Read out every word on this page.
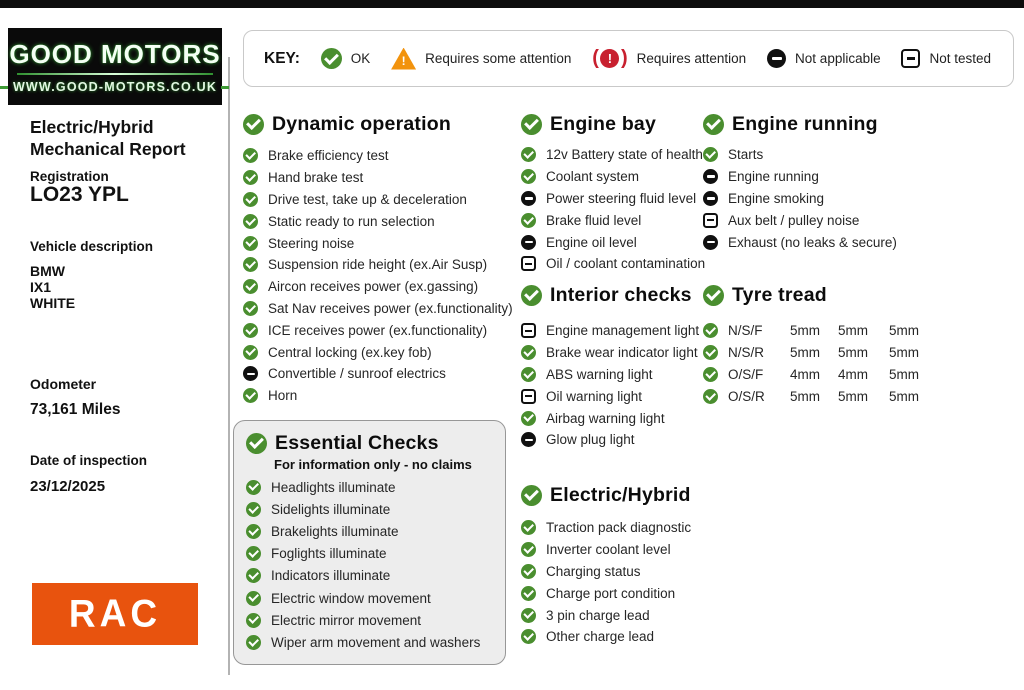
GOOD MOTORS
WWW.GOOD-MOTORS.CO.UK
Electric/Hybrid
Mechanical Report
Registration
LO23 YPL
Vehicle description
BMW
IX1
WHITE
Odometer
73,161 Miles
Date of inspection
23/12/2025
RAC
KEY:	OK !	Requires some attention (
!
)	Requires attention	Not applicable	Not tested
Dynamic operation
Brake efficiency test
Hand brake test
Drive test, take up & deceleration
Static ready to run selection
Steering noise
Suspension ride height (ex.Air Susp)
Aircon receives power (ex.gassing)
Sat Nav receives power (ex.functionality)
ICE receives power (ex.functionality)
Central locking (ex.key fob)
Convertible / sunroof electrics
Horn
Essential Checks
For information only - no claims
Headlights illuminate
Sidelights illuminate
Brakelights illuminate
Foglights illuminate
Indicators illuminate
Electric window movement
Electric mirror movement
Wiper arm movement and washers
Engine bay
12v Battery state of health
Coolant system
Power steering fluid level
Brake fluid level
Engine oil level
Oil / coolant contamination
Interior checks
Engine management light
Brake wear indicator light
ABS warning light
Oil warning light
Airbag warning light
Glow plug light
Electric/Hybrid
Traction pack diagnostic
Inverter coolant level
Charging status
Charge port condition
3 pin charge lead
Other charge lead
Engine running
Starts
Engine running
Engine smoking
Aux belt / pulley noise
Exhaust (no leaks & secure)
Tyre tread
N/S/F	5mm	5mm	5mm
N/S/R	5mm	5mm	5mm
O/S/F	4mm	4mm	5mm
O/S/R	5mm	5mm	5mm
